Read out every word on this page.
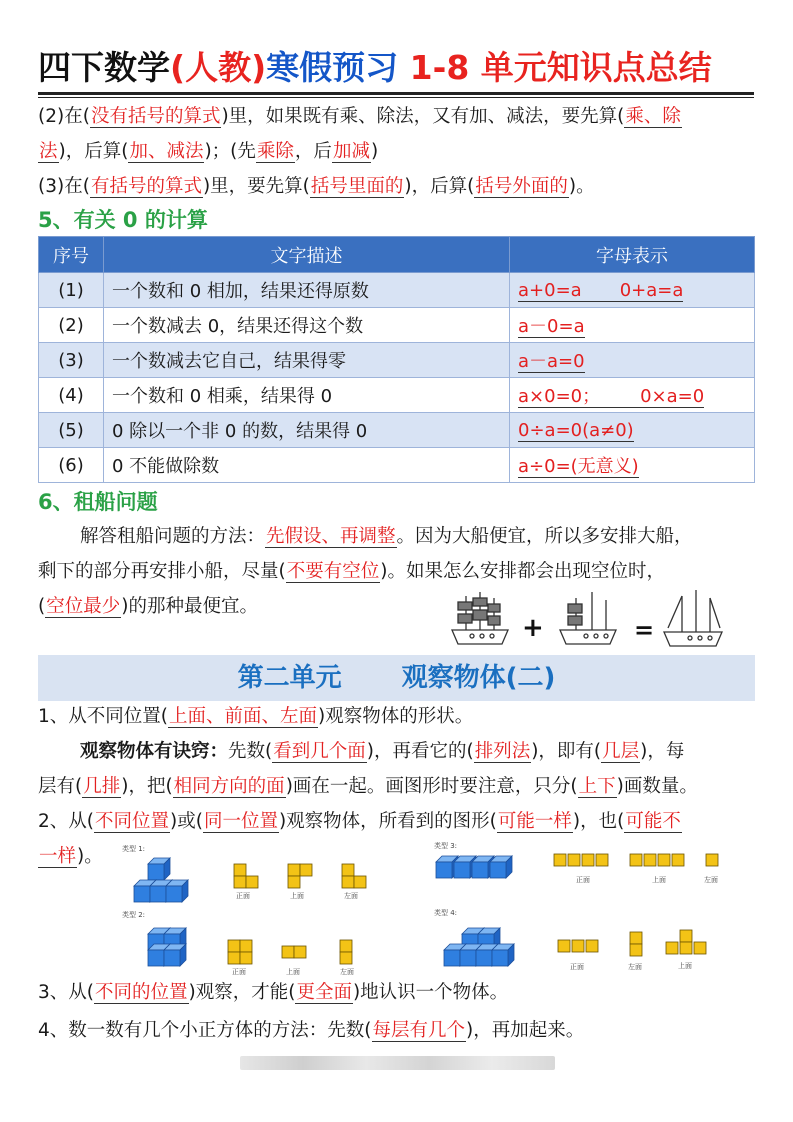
四下数学(人教)寒假预习 1-8 单元知识点总结
(2)在(没有括号的算式)里，如果既有乘、除法，又有加、减法，要先算(乘、除
法)，后算(加、减法)；(先乘除，后加减)
(3)在(有括号的算式)里，要先算(括号里面的)，后算(括号外面的)。
5、有关 0 的计算
序号	文字描述	字母表示
(1)	一个数和 0 相加，结果还得原数	a+0=a 0+a=a
(2)	一个数减去 0，结果还得这个数	a－0=a
(3)	一个数减去它自己，结果得零	a－a=0
(4)	一个数和 0 相乘，结果得 0	a×0=0； 0×a=0
(5)	0 除以一个非 0 的数，结果得 0	0÷a=0(a≠0)
(6)	0 不能做除数	a÷0=(无意义)
6、租船问题
解答租船问题的方法：先假设、再调整。因为大船便宜，所以多安排大船，
剩下的部分再安排小船，尽量(不要有空位)。如果怎么安排都会出现空位时，
(空位最少)的那种最便宜。
+	=
第二单元 观察物体(二)
1、从不同位置(上面、前面、左面)观察物体的形状。
观察物体有诀窍：先数(看到几个面)，再看它的(排列法)，即有(几层)，每
层有(几排)，把(相同方向的面)画在一起。画图形时要注意，只分(上下)画数量。
2、从(不同位置)或(同一位置)观察物体，所看到的图形(可能一样)，也(可能不
一样)。	类型 1:
正面	上面	左面
类型 2:
正面	上面	左面
类型 3:
正面	上面	左面
类型 4:
正面	左面	上面
3、从(不同的位置)观察，才能(更全面)地认识一个物体。
4、数一数有几个小正方体的方法：先数(每层有几个)，再加起来。
